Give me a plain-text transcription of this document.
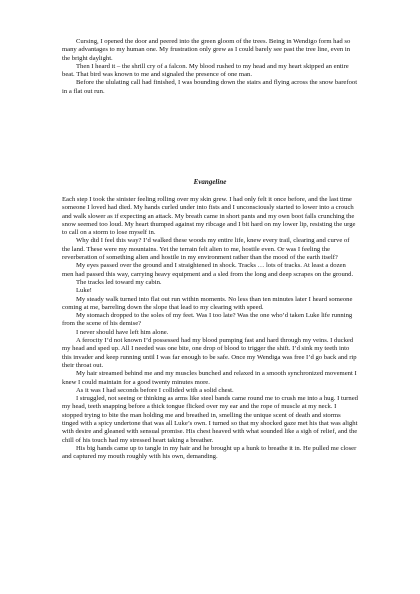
Cursing, I opened the door and peered into the green gloom of the trees. Being in Wendigo form had so many advantages to my human one. My frustration only grew as I could barely see past the tree line, even in the bright daylight.

Then I heard it – the shrill cry of a falcon. My blood rushed to my head and my heart skipped an entire beat. That bird was known to me and signaled the presence of one man.

Before the ululating call had finished, I was bounding down the stairs and flying across the snow barefoot in a flat out run.

Evangeline

Each step I took the sinister feeling rolling over my skin grew. I had only felt it once before, and the last time someone I loved had died. My hands curled under into fists and I unconsciously started to lower into a crouch and walk slower as if expecting an attack. My breath came in short pants and my own boot falls crunching the snow seemed too loud. My heart thumped against my ribcage and I bit hard on my lower lip, resisting the urge to call on a storm to lose myself in.

Why did I feel this way? I’d walked these woods my entire life, knew every trail, clearing and curve of the land. These were my mountains. Yet the terrain felt alien to me, hostile even. Or was I feeling the reverberation of something alien and hostile in my environment rather than the mood of the earth itself?

My eyes passed over the ground and I straightened in shock. Tracks … lots of tracks. At least a dozen men had passed this way, carrying heavy equipment and a sled from the long and deep scrapes on the ground.

The tracks led toward my cabin.

Luke!

My steady walk turned into flat out run within moments. No less than ten minutes later I heard someone coming at me, barreling down the slope that lead to my clearing with speed.

My stomach dropped to the soles of my feet. Was I too late? Was the one who’d taken Luke life running from the scene of his demise?

I never should have left him alone.

A ferocity I’d not known I’d possessed had my blood pumping fast and hard through my veins. I ducked my head and sped up. All I needed was one bite, one drop of blood to trigger the shift. I’d sink my teeth into this invader and keep running until I was far enough to be safe. Once my Wendiga was free I’d go back and rip their throat out.

My hair streamed behind me and my muscles bunched and relaxed in a smooth synchronized movement I knew I could maintain for a good twenty minutes more.

As it was I had seconds before I collided with a solid chest.

I struggled, not seeing or thinking as arms like steel bands came round me to crush me into a hug. I turned my head, teeth snapping before a thick tongue flicked over my ear and the rope of muscle at my neck. I stopped trying to bite the man holding me and breathed in, smelling the unique scent of death and storms tinged with a spicy undertone that was all Luke’s own. I turned so that my shocked gaze met his that was alight with desire and gleaned with sensual promise. His chest heaved with what sounded like a sigh of relief, and the chill of his touch had my stressed heart taking a breather.

His big hands came up to tangle in my hair and he brought up a hunk to breathe it in. He pulled me closer and captured my mouth roughly with his own, demanding.
